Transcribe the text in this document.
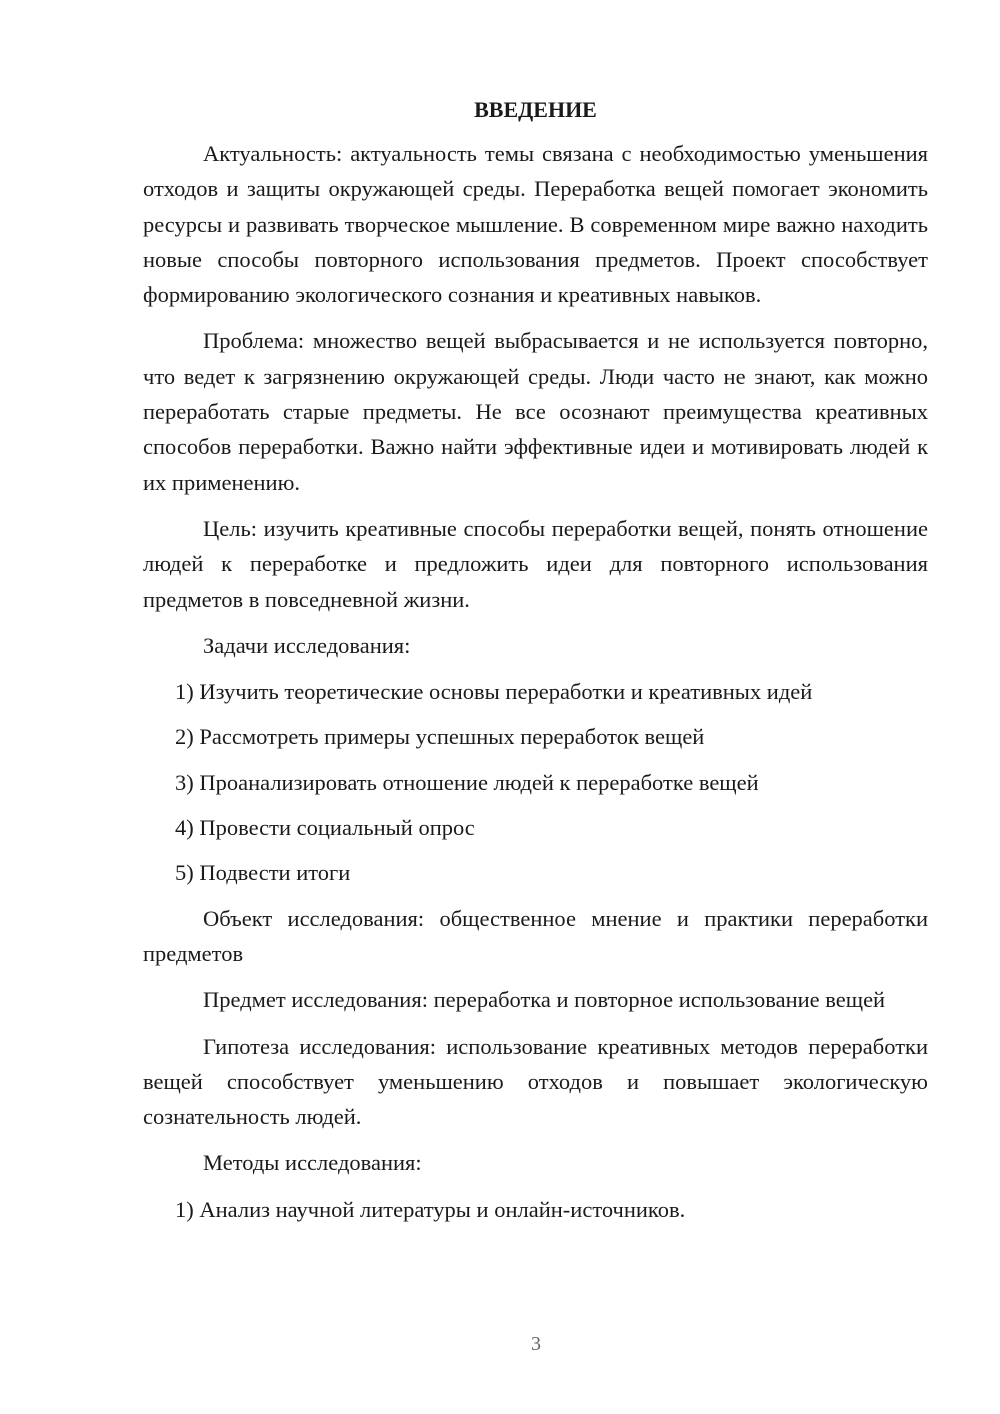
ВВЕДЕНИЕ

Актуальность: актуальность темы связана с необходимостью уменьшения отходов и защиты окружающей среды. Переработка вещей помогает экономить ресурсы и развивать творческое мышление. В современном мире важно находить новые способы повторного использования предметов. Проект способствует формированию экологического сознания и креативных навыков.

Проблема: множество вещей выбрасывается и не используется повторно, что ведет к загрязнению окружающей среды. Люди часто не знают, как можно переработать старые предметы. Не все осознают преимущества креативных способов переработки. Важно найти эффективные идеи и мотивировать людей к их применению.

Цель: изучить креативные способы переработки вещей, понять отношение людей к переработке и предложить идеи для повторного использования предметов в повседневной жизни.

Задачи исследования:

1) Изучить теоретические основы переработки и креативных идей
2) Рассмотреть примеры успешных переработок вещей
3) Проанализировать отношение людей к переработке вещей
4) Провести социальный опрос
5) Подвести итоги

Объект исследования: общественное мнение и практики переработки предметов

Предмет исследования: переработка и повторное использование вещей

Гипотеза исследования: использование креативных методов переработки вещей способствует уменьшению отходов и повышает экологическую сознательность людей.

Методы исследования:

1) Анализ научной литературы и онлайн-источников.
3
